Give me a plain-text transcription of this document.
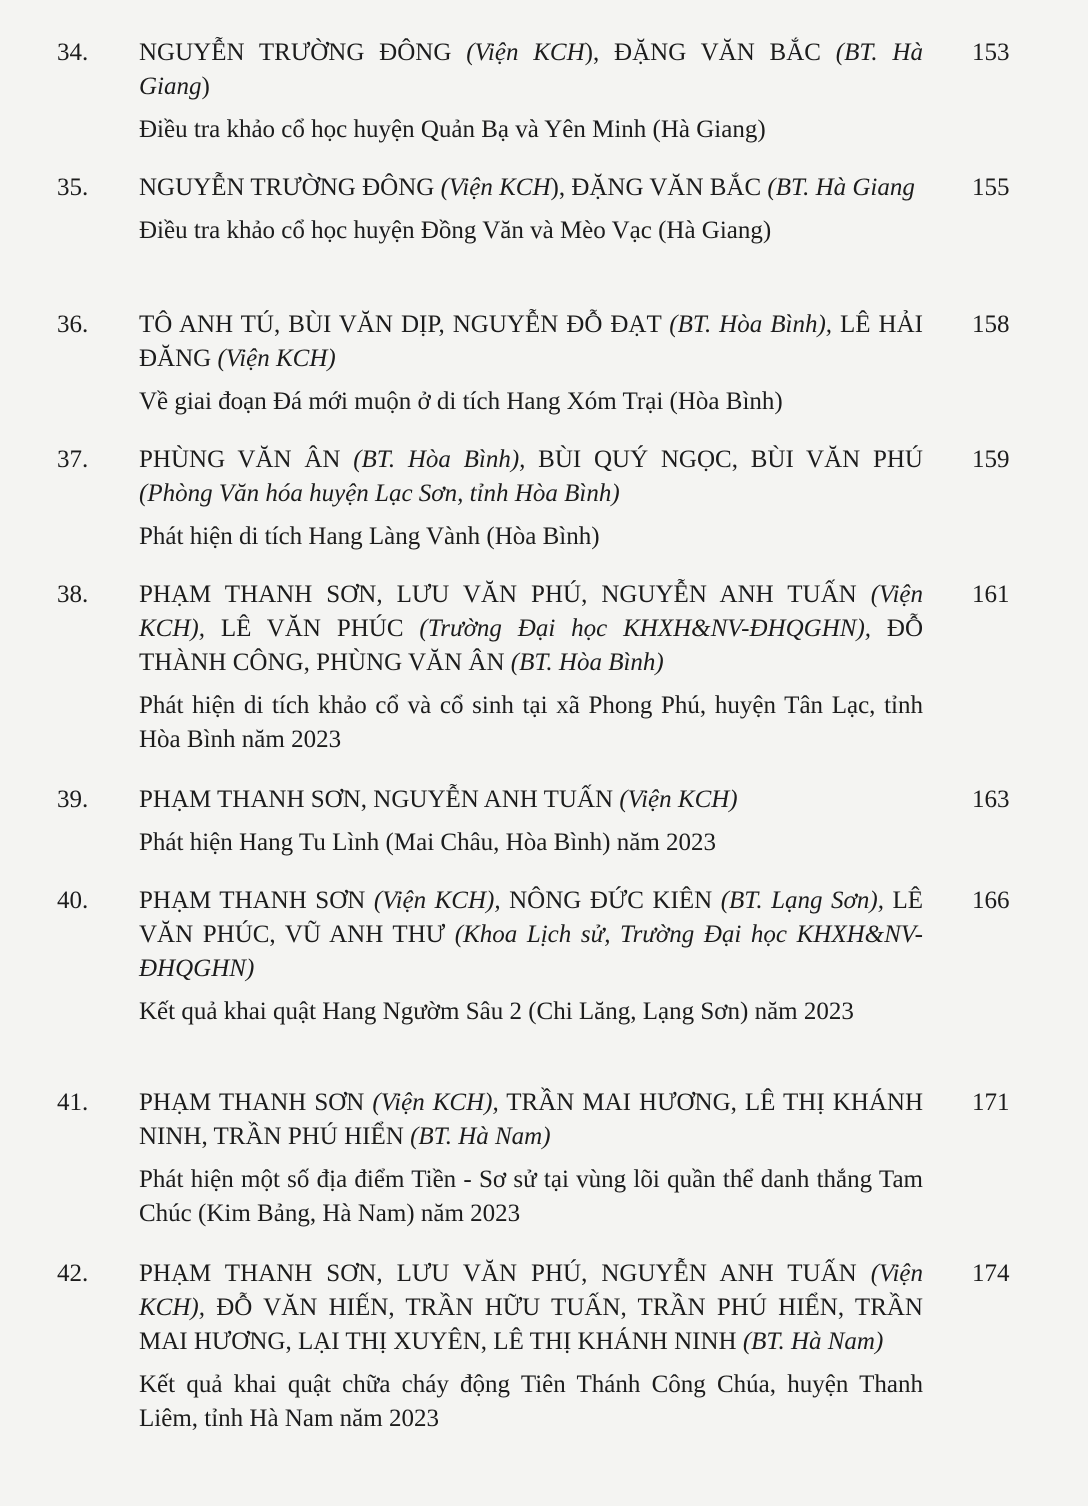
34. NGUYỄN TRƯỜNG ĐÔNG (Viện KCH), ĐẶNG VĂN BẮC (BT. Hà Giang)
Điều tra khảo cổ học huyện Quản Bạ và Yên Minh (Hà Giang)
153
35. NGUYỄN TRƯỜNG ĐÔNG (Viện KCH), ĐẶNG VĂN BẮC (BT. Hà Giang
Điều tra khảo cổ học huyện Đồng Văn và Mèo Vạc (Hà Giang)
155
36. TÔ ANH TÚ, BÙI VĂN DỊP, NGUYỄN ĐỖ ĐẠT (BT. Hòa Bình), LÊ HẢI ĐĂNG (Viện KCH)
Về giai đoạn Đá mới muộn ở di tích Hang Xóm Trại (Hòa Bình)
158
37. PHÙNG VĂN ÂN (BT. Hòa Bình), BÙI QUÝ NGỌC, BÙI VĂN PHÚ (Phòng Văn hóa huyện Lạc Sơn, tỉnh Hòa Bình)
Phát hiện di tích Hang Làng Vành (Hòa Bình)
159
38. PHẠM THANH SƠN, LƯU VĂN PHÚ, NGUYỄN ANH TUẤN (Viện KCH), LÊ VĂN PHÚC (Trường Đại học KHXH&NV-ĐHQGHN), ĐỖ THÀNH CÔNG, PHÙNG VĂN ÂN (BT. Hòa Bình)
Phát hiện di tích khảo cổ và cổ sinh tại xã Phong Phú, huyện Tân Lạc, tỉnh Hòa Bình năm 2023
161
39. PHẠM THANH SƠN, NGUYỄN ANH TUẤN (Viện KCH)
Phát hiện Hang Tu Lình (Mai Châu, Hòa Bình) năm 2023
163
40. PHẠM THANH SƠN (Viện KCH), NÔNG ĐỨC KIÊN (BT. Lạng Sơn), LÊ VĂN PHÚC, VŨ ANH THƯ (Khoa Lịch sử, Trường Đại học KHXH&NV-ĐHQGHN)
Kết quả khai quật Hang Ngườm Sâu 2 (Chi Lăng, Lạng Sơn) năm 2023
166
41. PHẠM THANH SƠN (Viện KCH), TRẦN MAI HƯƠNG, LÊ THỊ KHÁNH NINH, TRẦN PHÚ HIỂN (BT. Hà Nam)
Phát hiện một số địa điểm Tiền - Sơ sử tại vùng lõi quần thể danh thắng Tam Chúc (Kim Bảng, Hà Nam) năm 2023
171
42. PHẠM THANH SƠN, LƯU VĂN PHÚ, NGUYỄN ANH TUẤN (Viện KCH), ĐỖ VĂN HIẾN, TRẦN HỮU TUẤN, TRẦN PHÚ HIỂN, TRẦN MAI HƯƠNG, LẠI THỊ XUYÊN, LÊ THỊ KHÁNH NINH (BT. Hà Nam)
Kết quả khai quật chữa cháy động Tiên Thánh Công Chúa, huyện Thanh Liêm, tỉnh Hà Nam năm 2023
174
